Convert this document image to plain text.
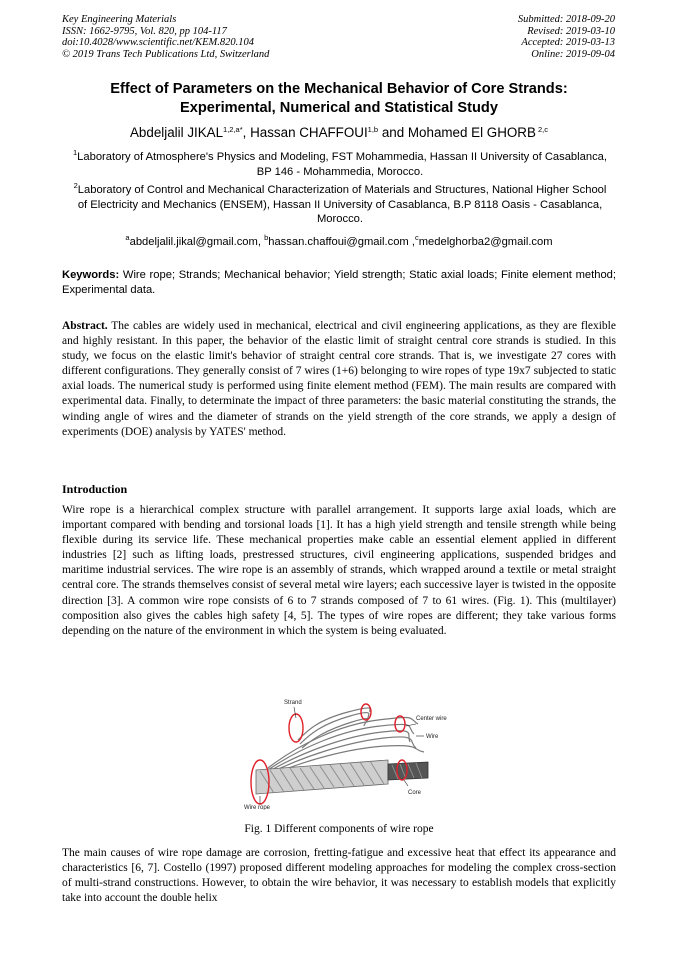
Key Engineering Materials
ISSN: 1662-9795, Vol. 820, pp 104-117
doi:10.4028/www.scientific.net/KEM.820.104
© 2019 Trans Tech Publications Ltd, Switzerland
Submitted: 2018-09-20
Revised: 2019-03-10
Accepted: 2019-03-13
Online: 2019-09-04
Effect of Parameters on the Mechanical Behavior of Core Strands: Experimental, Numerical and Statistical Study
Abdeljalil $JIKAL^{1,2,a*}$, Hassan CHAFFOUI$^{1,b}$ and Mohamed El GHORB $^{2,c}$
$^1$Laboratory of Atmosphere's Physics and Modeling, FST Mohammedia, Hassan II University of Casablanca, BP 146 - Mohammedia, Morocco.
$^2$Laboratory of Control and Mechanical Characterization of Materials and Structures, National Higher School of Electricity and Mechanics (ENSEM), Hassan II University of Casablanca, B.P 8118 Oasis - Casablanca, Morocco.
$^a$abdeljalil.jikal@gmail.com, $^b$hassan.chaffoui@gmail.com ,$^c$medelghorba2@gmail.com
Keywords: Wire rope; Strands; Mechanical behavior; Yield strength; Static axial loads; Finite element method; Experimental data.
Abstract. The cables are widely used in mechanical, electrical and civil engineering applications, as they are flexible and highly resistant. In this paper, the behavior of the elastic limit of straight central core strands is studied. In this study, we focus on the elastic limit's behavior of straight central core strands. That is, we investigate 27 cores with different configurations. They generally consist of 7 wires (1+6) belonging to wire ropes of type 19x7 subjected to static axial loads. The numerical study is performed using finite element method (FEM). The main results are compared with experimental data. Finally, to determinate the impact of three parameters: the basic material constituting the strands, the winding angle of wires and the diameter of strands on the yield strength of the core strands, we apply a design of experiments (DOE) analysis by YATES' method.
Introduction
Wire rope is a hierarchical complex structure with parallel arrangement. It supports large axial loads, which are important compared with bending and torsional loads [1]. It has a high yield strength and tensile strength while being flexible during its service life. These mechanical properties make cable an essential element applied in different industries [2] such as lifting loads, prestressed structures, civil engineering applications, suspended bridges and maritime industrial services. The wire rope is an assembly of strands, which wrapped around a textile or metal straight central core. The strands themselves consist of several metal wire layers; each successive layer is twisted in the opposite direction [3]. A common wire rope consists of 6 to 7 strands composed of 7 to 61 wires. (Fig. 1). This (multilayer) composition also gives the cables high safety [4, 5]. The types of wire ropes are different; they take various forms depending on the nature of the environment in which the system is being evaluated.
Strand
Center wire
Wire
Core
Wire rope
Fig. 1 Different components of wire rope
The main causes of wire rope damage are corrosion, fretting-fatigue and excessive heat that effect its appearance and characteristics [6, 7]. Costello (1997) proposed different modeling approaches for modeling the complex cross-section of multi-strand constructions. However, to obtain the wire behavior, it was necessary to establish models that explicitly take into account the double helix
